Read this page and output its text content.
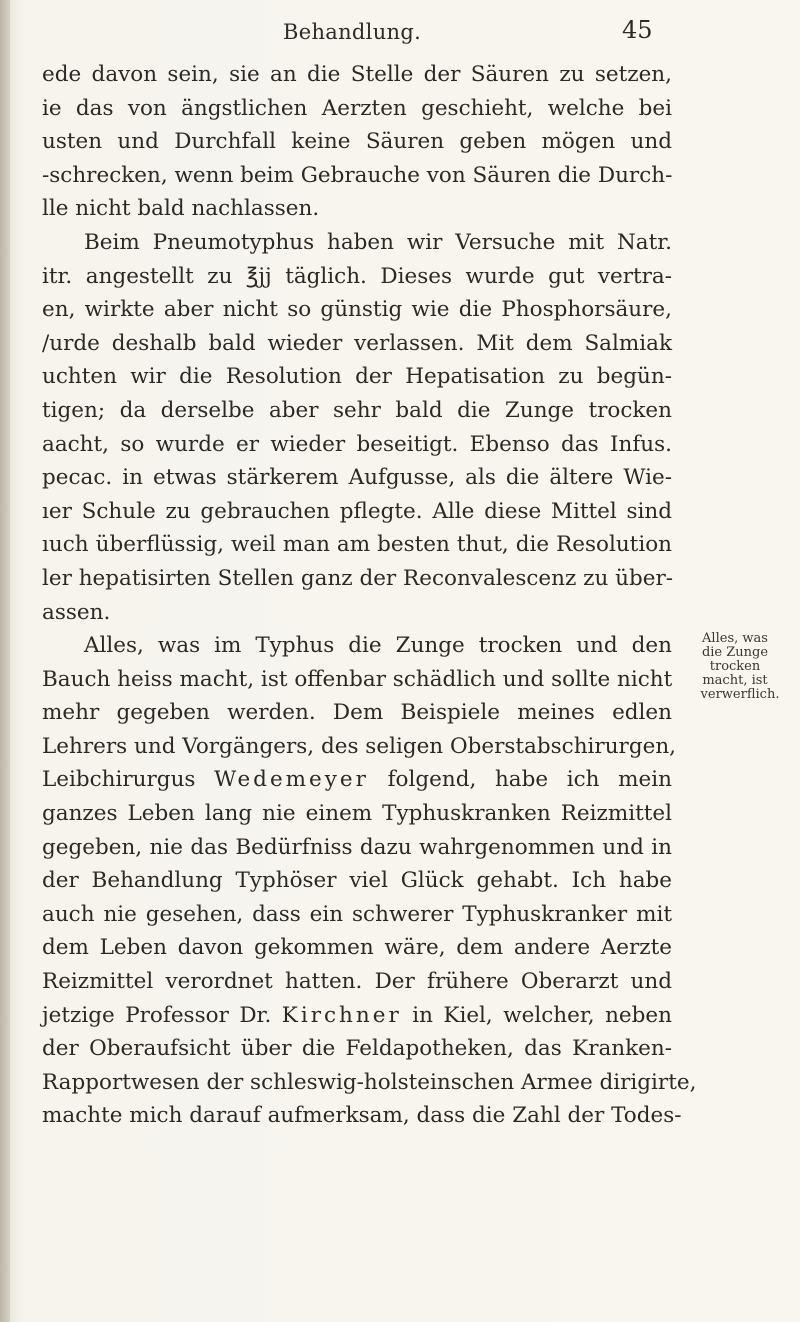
Behandlung.	45
ede davon sein, sie an die Stelle der Säuren zu setzen,
ie das von ängstlichen Aerzten geschieht, welche bei
usten und Durchfall keine Säuren geben mögen und
-schrecken, wenn beim Gebrauche von Säuren die Durch-
lle nicht bald nachlassen.
Beim Pneumotyphus haben wir Versuche mit Natr.
itr. angestellt zu ℥jj täglich. Dieses wurde gut vertra-
en, wirkte aber nicht so günstig wie die Phosphorsäure,
/urde deshalb bald wieder verlassen. Mit dem Salmiak
uchten wir die Resolution der Hepatisation zu begün-
tigen; da derselbe aber sehr bald die Zunge trocken
aacht, so wurde er wieder beseitigt. Ebenso das Infus.
pecac. in etwas stärkerem Aufgusse, als die ältere Wie-
ıer Schule zu gebrauchen pflegte. Alle diese Mittel sind
ıuch überflüssig, weil man am besten thut, die Resolution
ler hepatisirten Stellen ganz der Reconvalescenz zu über-
assen.
Alles, was im Typhus die Zunge trocken und den
Bauch heiss macht, ist offenbar schädlich und sollte nicht
mehr gegeben werden. Dem Beispiele meines edlen
Lehrers und Vorgängers, des seligen Oberstabschirurgen,
Leibchirurgus Wedemeyer folgend, habe ich mein
ganzes Leben lang nie einem Typhuskranken Reizmittel
gegeben, nie das Bedürfniss dazu wahrgenommen und in
der Behandlung Typhöser viel Glück gehabt. Ich habe
auch nie gesehen, dass ein schwerer Typhuskranker mit
dem Leben davon gekommen wäre, dem andere Aerzte
Reizmittel verordnet hatten. Der frühere Oberarzt und
jetzige Professor Dr. Kirchner in Kiel, welcher, neben
der Oberaufsicht über die Feldapotheken, das Kranken-
Rapportwesen der schleswig-holsteinschen Armee dirigirte,
machte mich darauf aufmerksam, dass die Zahl der Todes-
Alles, was
die Zunge
trocken
macht, ist
verwerflich.
